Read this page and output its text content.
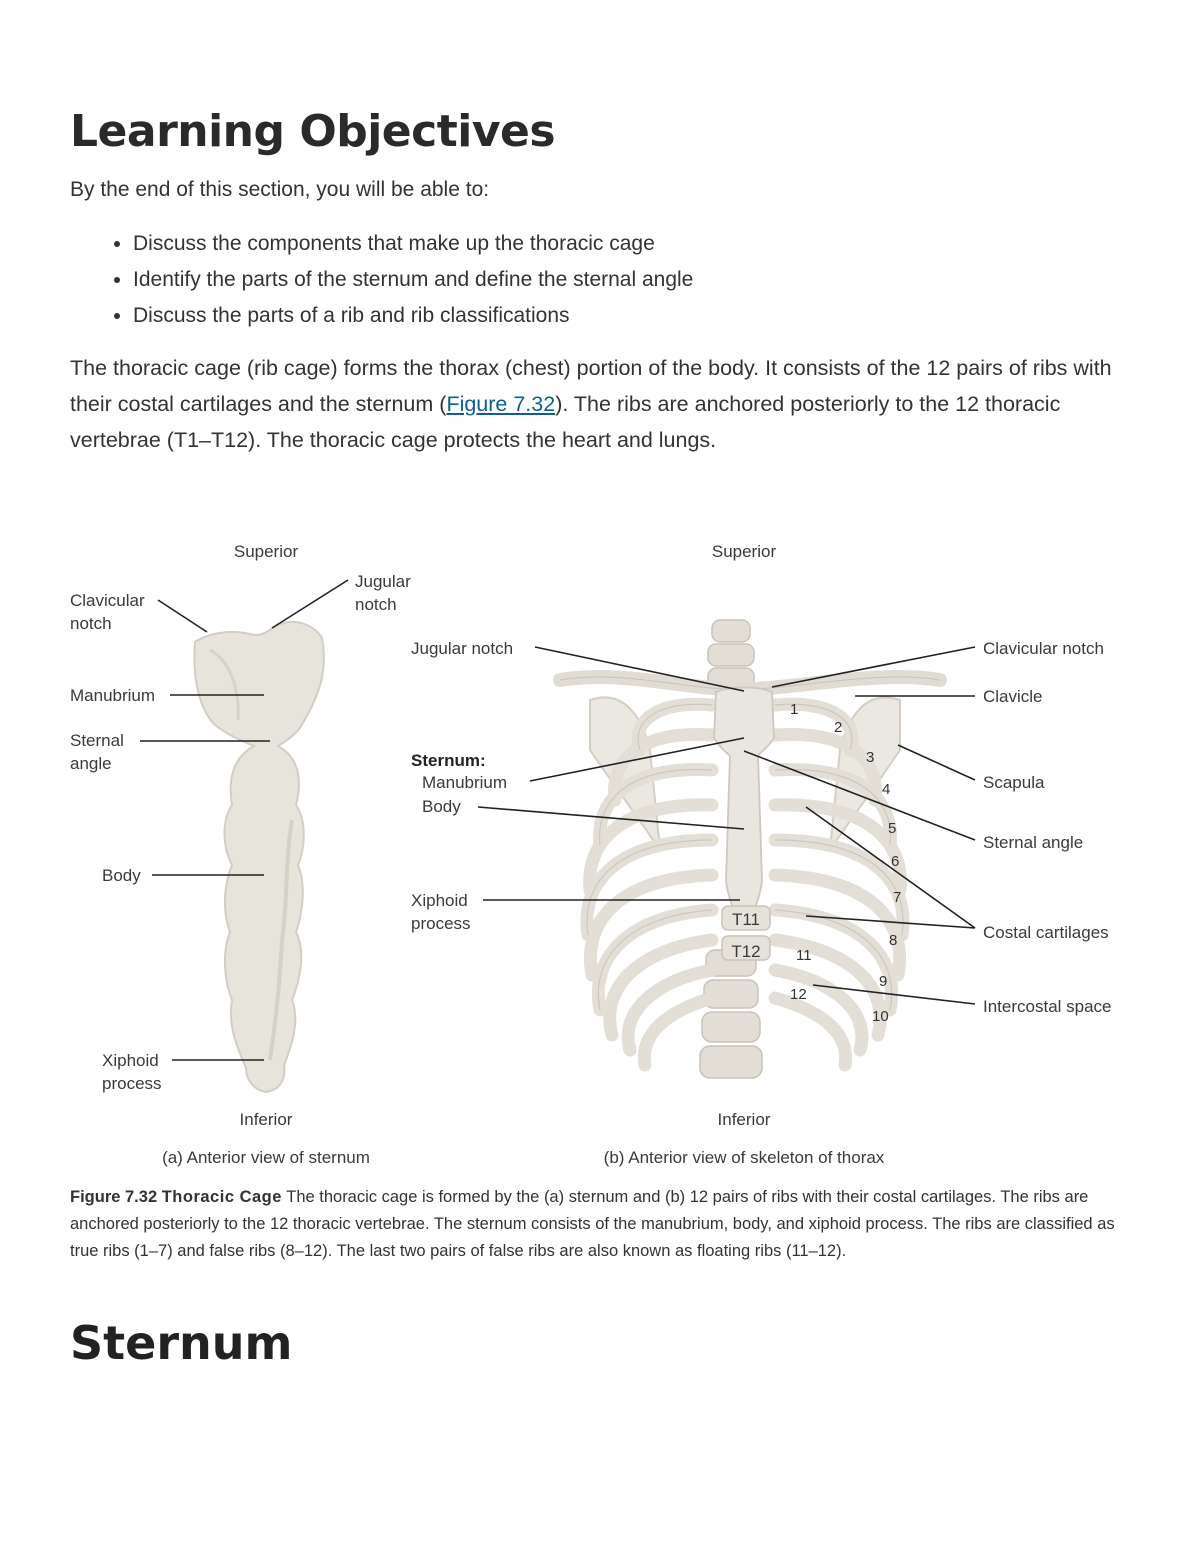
Learning Objectives

By the end of this section, you will be able to:

• Discuss the components that make up the thoracic cage
• Identify the parts of the sternum and define the sternal angle
• Discuss the parts of a rib and rib classifications

The thoracic cage (rib cage) forms the thorax (chest) portion of the body. It consists of the 12 pairs of ribs with their costal cartilages and the sternum (Figure 7.32). The ribs are anchored posteriorly to the 12 thoracic vertebrae (T1–T12). The thoracic cage protects the heart and lungs.

Superior
Clavicular
notch
Jugular
notch
Manubrium
Sternal
angle
Body
Xiphoid
process
Inferior
(a) Anterior view of sternum
Superior
Jugular notch
Sternum:
Manubrium
Body
Xiphoid
process
Clavicular notch
Clavicle
Scapula
Sternal angle
Costal cartilages
Intercostal space
T11
T12
1
2
3
4
5
6
7
8
9
10
11
12
Inferior
(b) Anterior view of skeleton of thorax

Figure 7.32 Thoracic Cage The thoracic cage is formed by the (a) sternum and (b) 12 pairs of ribs with their costal cartilages. The ribs are anchored posteriorly to the 12 thoracic vertebrae. The sternum consists of the manubrium, body, and xiphoid process. The ribs are classified as true ribs (1–7) and false ribs (8–12). The last two pairs of false ribs are also known as floating ribs (11–12).

Sternum
